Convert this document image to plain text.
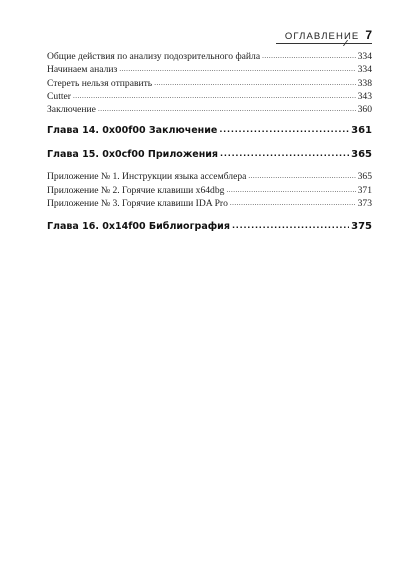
ОГЛАВЛЕНИЕ 7
Общие действия по анализу подозрительного файла .....	334
Начинаем анализ .....	334
Стереть нельзя отправить .....	338
Cutter .....	343
Заключение .....	360
Глава 14. 0x00f00 Заключение .....	361
Глава 15. 0x0cf00 Приложения .....	365
Приложение № 1. Инструкции языка ассемблера .....	365
Приложение № 2. Горячие клавиши x64dbg .....	371
Приложение № 3. Горячие клавиши IDA Pro .....	373
Глава 16. 0x14f00 Библиография .....	375
